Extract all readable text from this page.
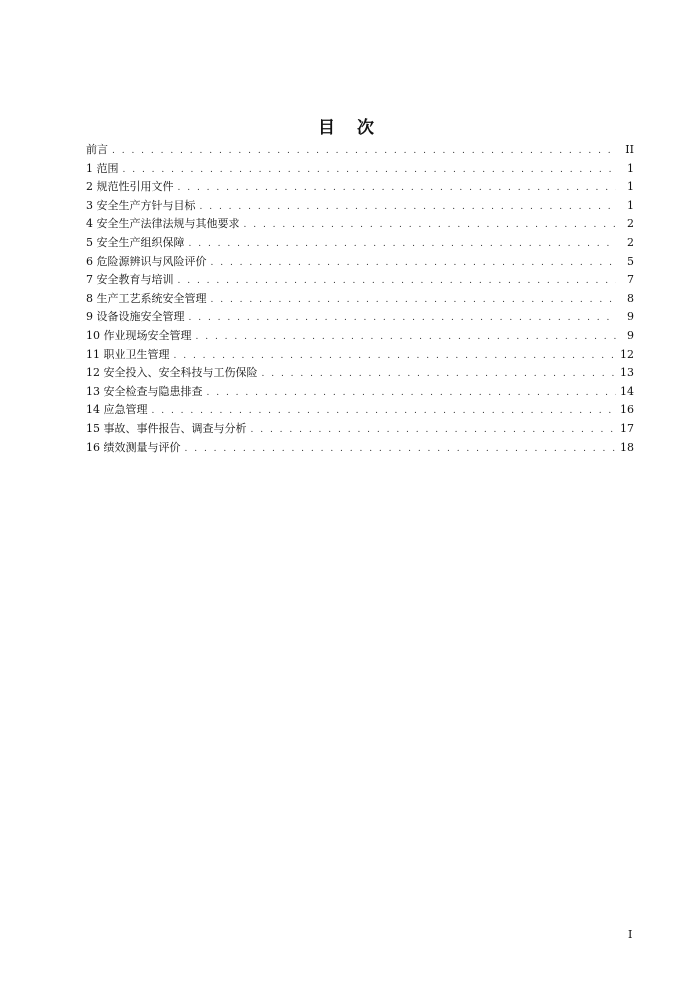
目 次
前言 . . .	II
1 范围 . . .	1
2 规范性引用文件 . . .	1
3 安全生产方针与目标 . . .	1
4 安全生产法律法规与其他要求 . . .	2
5 安全生产组织保障 . . .	2
6 危险源辨识与风险评价 . . .	5
7 安全教育与培训 . . .	7
8 生产工艺系统安全管理 . . .	8
9 设备设施安全管理 . . .	9
10 作业现场安全管理 . . .	9
11 职业卫生管理 . . .	12
12 安全投入、安全科技与工伤保险 . . .	13
13 安全检查与隐患排查 . . .	14
14 应急管理 . . .	16
15 事故、事件报告、调查与分析 . . .	17
16 绩效测量与评价 . . .	18
I
